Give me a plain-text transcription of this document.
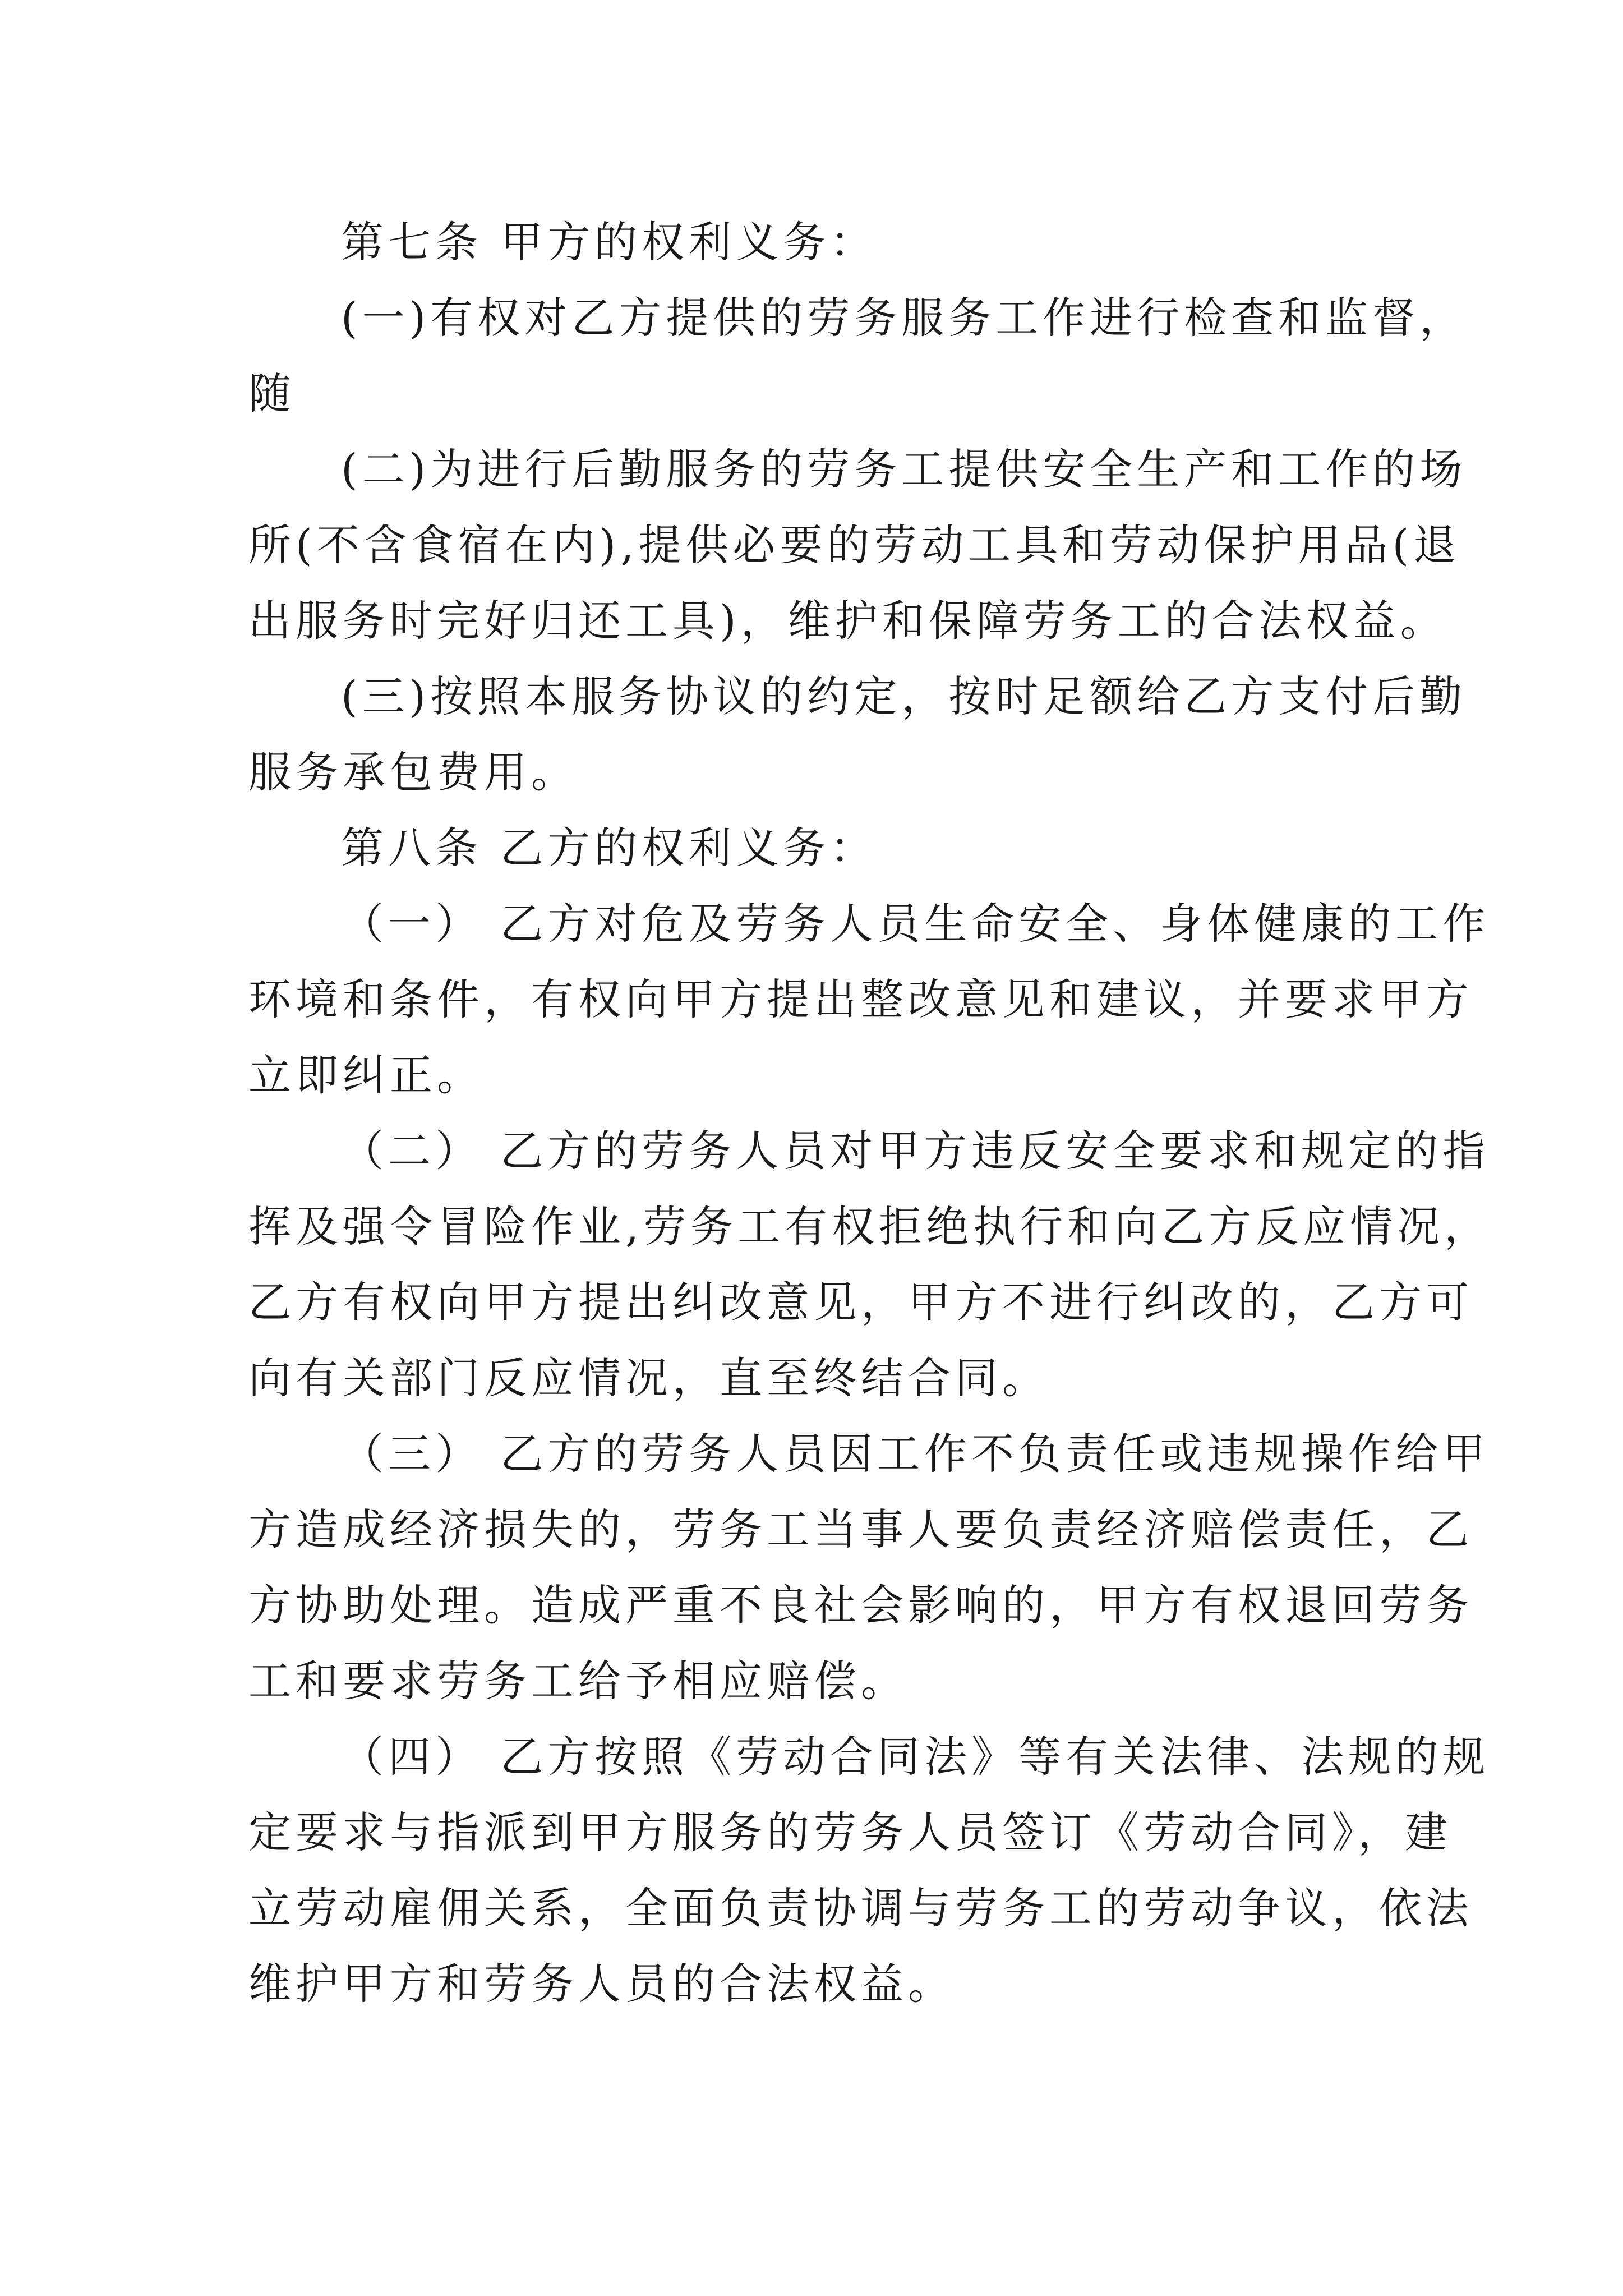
第七条 甲方的权利义务：
(一)有权对乙方提供的劳务服务工作进行检查和监督，
随
(二)为进行后勤服务的劳务工提供安全生产和工作的场
所(不含食宿在内),提供必要的劳动工具和劳动保护用品(退
出服务时完好归还工具)，维护和保障劳务工的合法权益。
(三)按照本服务协议的约定，按时足额给乙方支付后勤
服务承包费用。
第八条 乙方的权利义务：
（一） 乙方对危及劳务人员生命安全、身体健康的工作
环境和条件，有权向甲方提出整改意见和建议，并要求甲方
立即纠正。
（二） 乙方的劳务人员对甲方违反安全要求和规定的指
挥及强令冒险作业,劳务工有权拒绝执行和向乙方反应情况，
乙方有权向甲方提出纠改意见，甲方不进行纠改的，乙方可
向有关部门反应情况，直至终结合同。
（三） 乙方的劳务人员因工作不负责任或违规操作给甲
方造成经济损失的，劳务工当事人要负责经济赔偿责任，乙
方协助处理。造成严重不良社会影响的，甲方有权退回劳务
工和要求劳务工给予相应赔偿。
（四） 乙方按照《劳动合同法》等有关法律、法规的规
定要求与指派到甲方服务的劳务人员签订《劳动合同》，建
立劳动雇佣关系，全面负责协调与劳务工的劳动争议，依法
维护甲方和劳务人员的合法权益。
